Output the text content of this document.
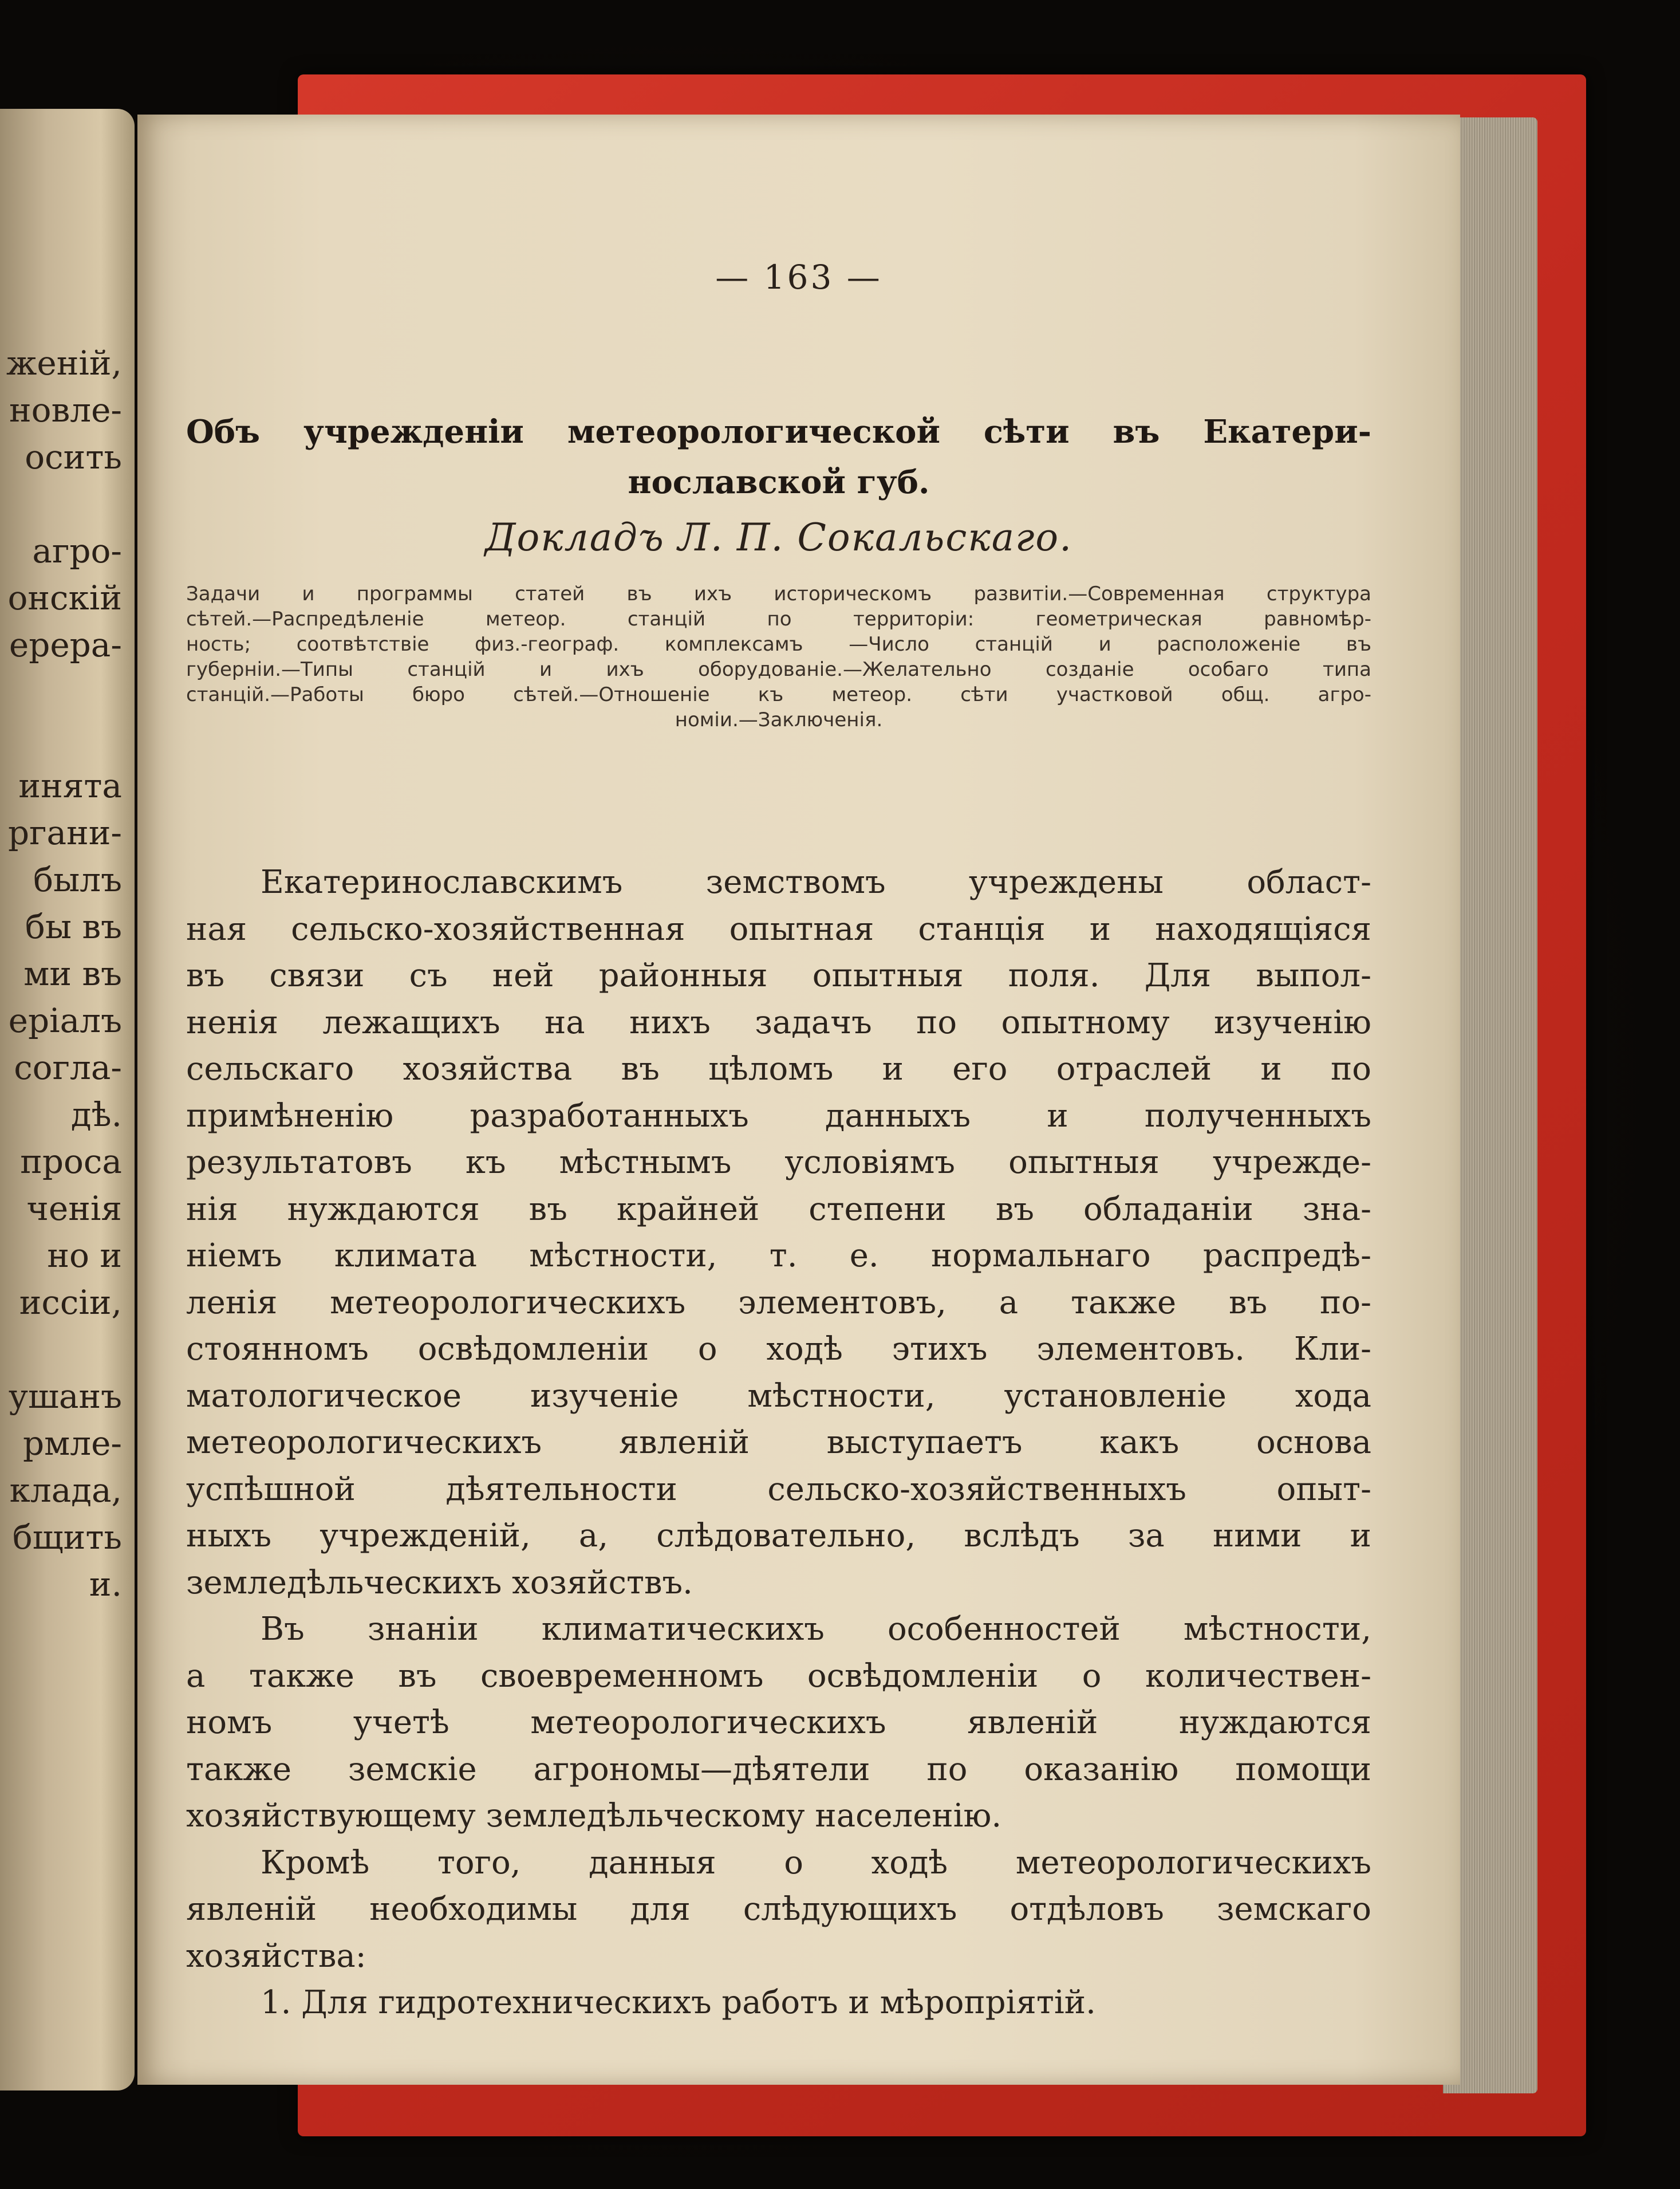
женій,
новле-
осить
агро-
онскій
ерера-
инята
ргани-
былъ
бы въ
ми въ
еріалъ
согла-
дѣ.
проса
ченія
но и
иссіи,
ушанъ
рмле-
клада,
бщить
и.
— 163 —
Объ учрежденіи метеорологической сѣти въ Екатери-
нославской губ.
Докладъ Л. П. Сокальскаго.
Задачи и программы статей въ ихъ историческомъ развитіи.—Современная структура
сѣтей.—Распредѣленіе метеор. станцій по территоріи: геометрическая равномѣр-
ность; соотвѣтствіе физ.-географ. комплексамъ —Число станцій и расположеніе въ
губерніи.—Типы станцій и ихъ оборудованіе.—Желательно созданіе особаго типа
станцій.—Работы бюро сѣтей.—Отношеніе къ метеор. сѣти участковой общ. агро-
номіи.—Заключенія.
Екатеринославскимъ земствомъ учреждены област-
ная сельско-хозяйственная опытная станція и находящіяся
въ связи съ ней районныя опытныя поля. Для выпол-
ненія лежащихъ на нихъ задачъ по опытному изученію
сельскаго хозяйства въ цѣломъ и его отраслей и по
примѣненію разработанныхъ данныхъ и полученныхъ
результатовъ къ мѣстнымъ условіямъ опытныя учрежде-
нія нуждаются въ крайней степени въ обладаніи зна-
ніемъ климата мѣстности, т. е. нормальнаго распредѣ-
ленія метеорологическихъ элементовъ, а также въ по-
стоянномъ освѣдомленіи о ходѣ этихъ элементовъ. Кли-
матологическое изученіе мѣстности, установленіе хода
метеорологическихъ явленій выступаетъ какъ основа
успѣшной дѣятельности сельско-хозяйственныхъ опыт-
ныхъ учрежденій, а, слѣдовательно, вслѣдъ за ними и
земледѣльческихъ хозяйствъ.
Въ знаніи климатическихъ особенностей мѣстности,
а также въ своевременномъ освѣдомленіи о количествен-
номъ учетѣ метеорологическихъ явленій нуждаются
также земскіе агрономы—дѣятели по оказанію помощи
хозяйствующему земледѣльческому населенію.
Кромѣ того, данныя о ходѣ метеорологическихъ
явленій необходимы для слѣдующихъ отдѣловъ земскаго
хозяйства:
1. Для гидротехническихъ работъ и мѣропріятій.
